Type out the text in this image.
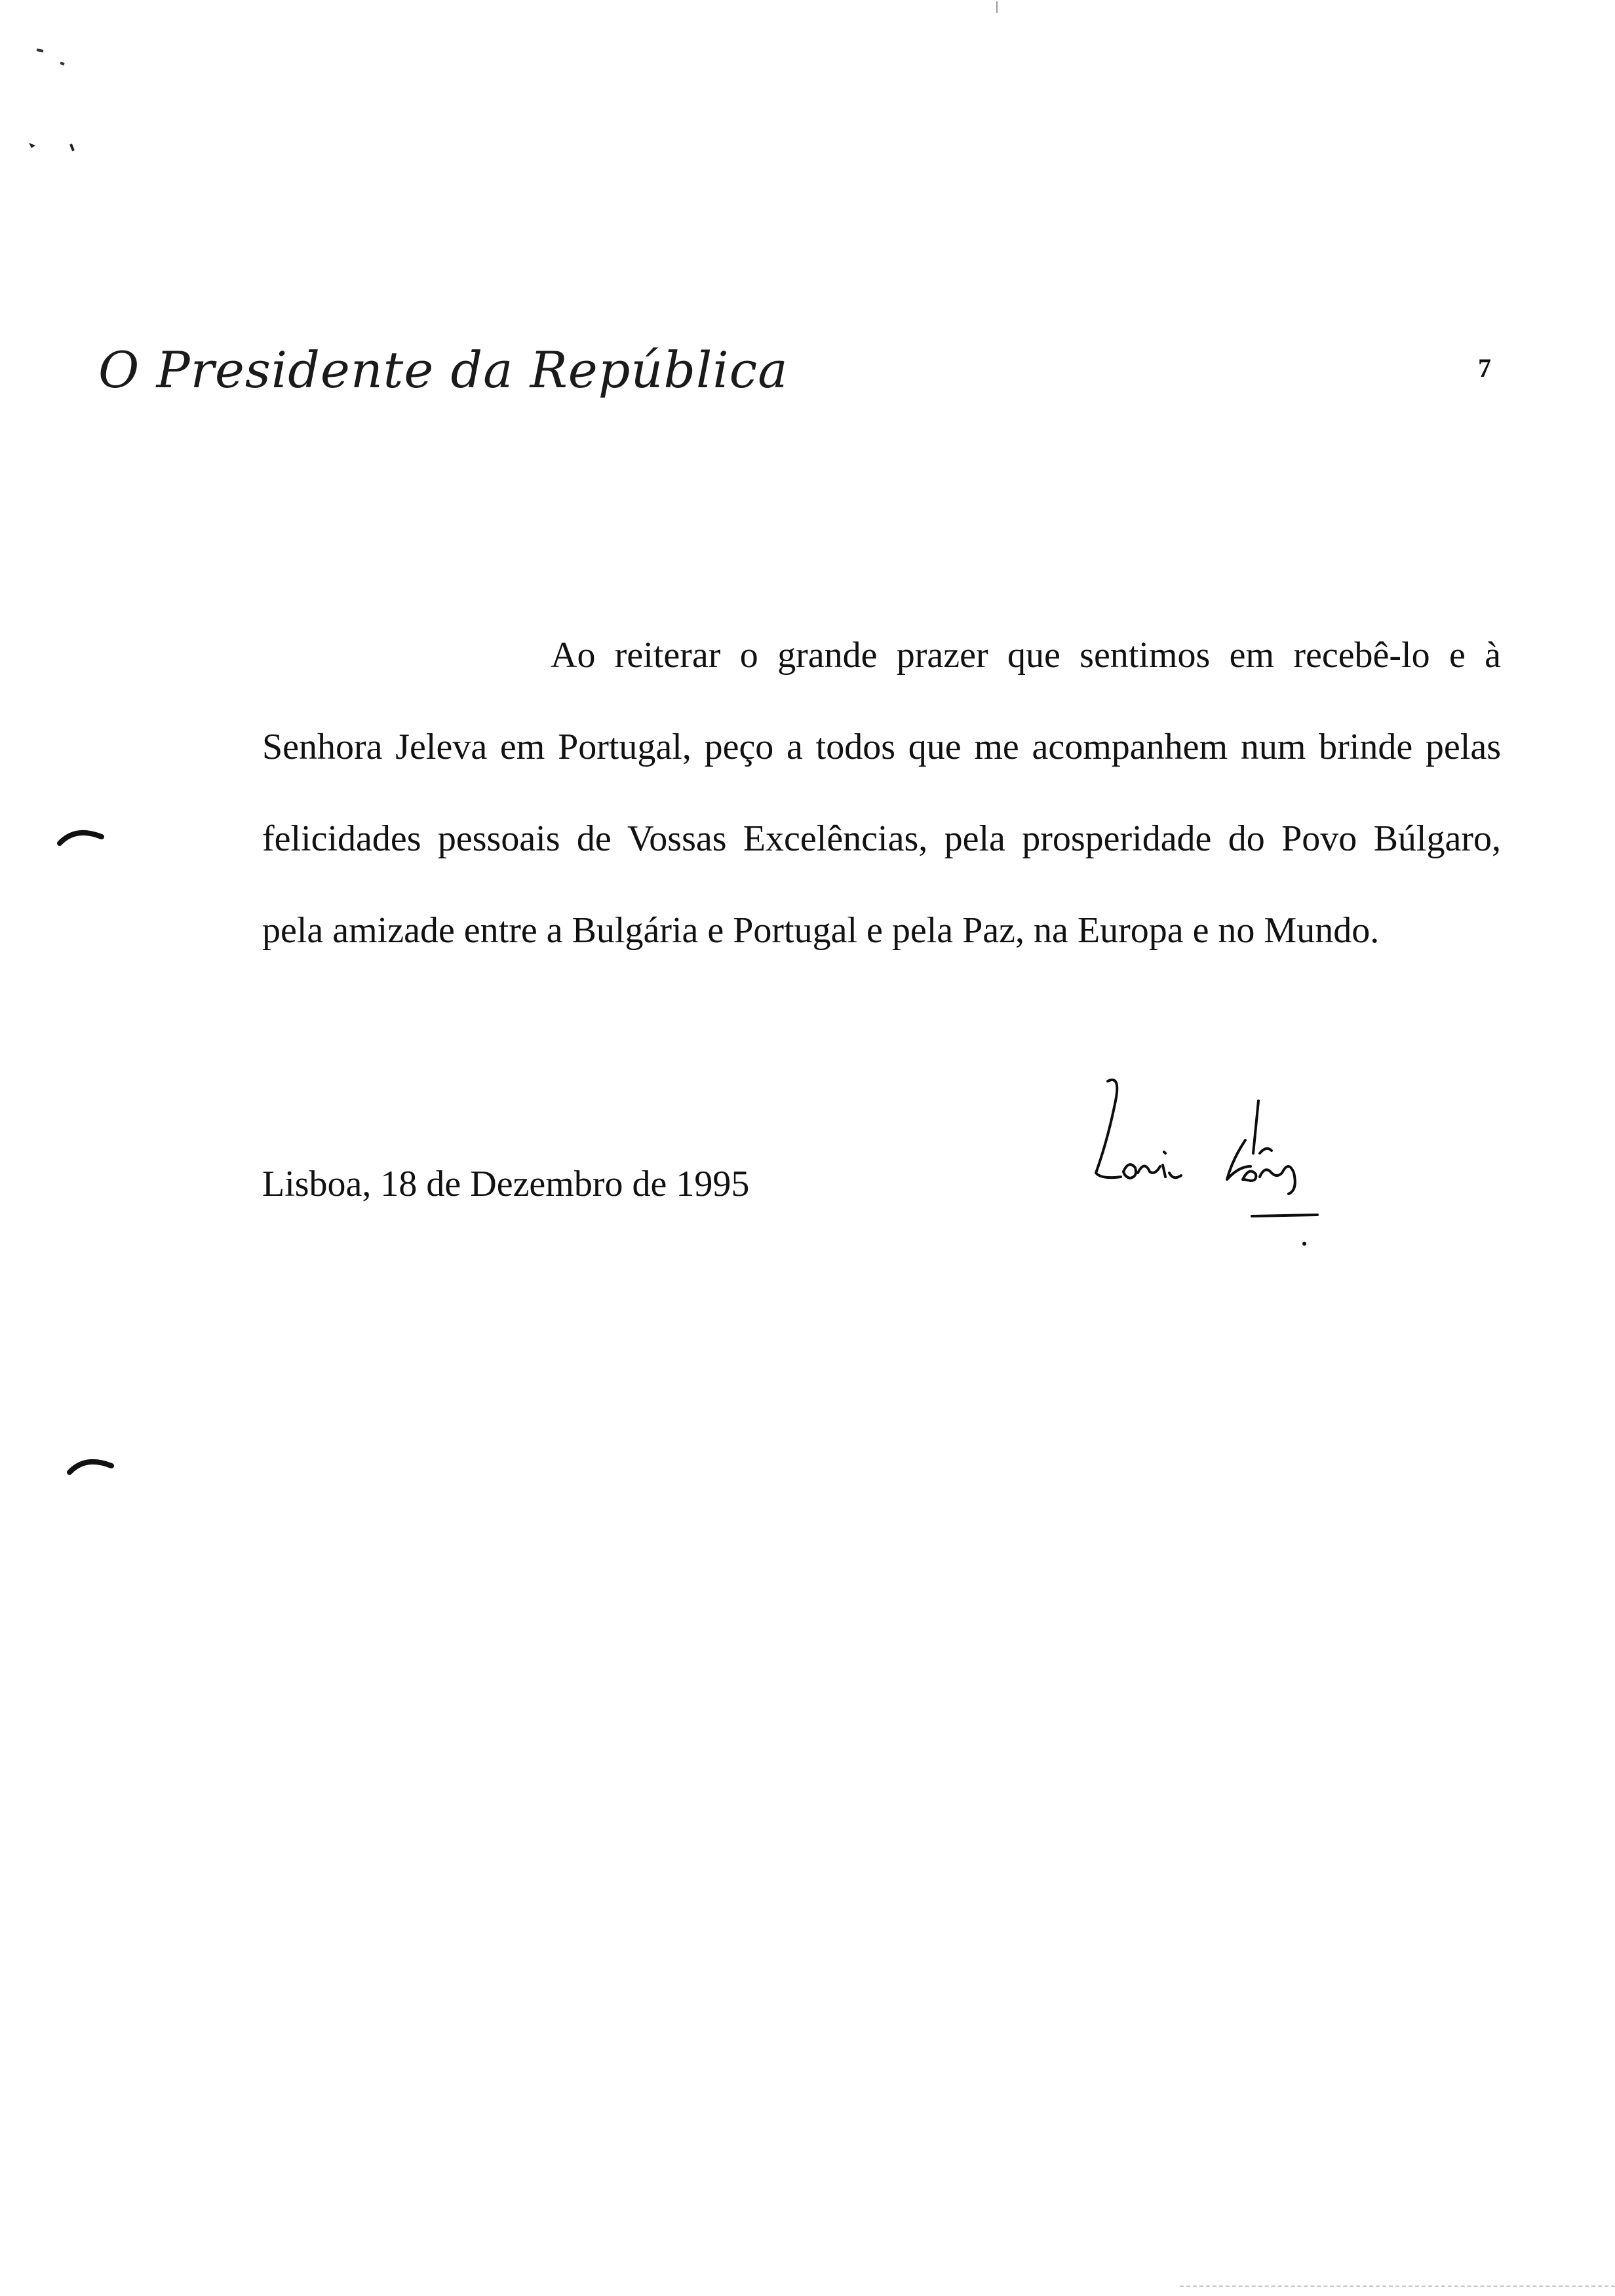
O Presidente da República	7

Ao reiterar o grande prazer que sentimos em recebê-lo e à Senhora Jeleva em Portugal, peço a todos que me acompanhem num brinde pelas felicidades pessoais de Vossas Excelências, pela prosperidade do Povo Búlgaro, pela amizade entre a Bulgária e Portugal e pela Paz, na Europa e no Mundo.

Lisboa, 18 de Dezembro de 1995
